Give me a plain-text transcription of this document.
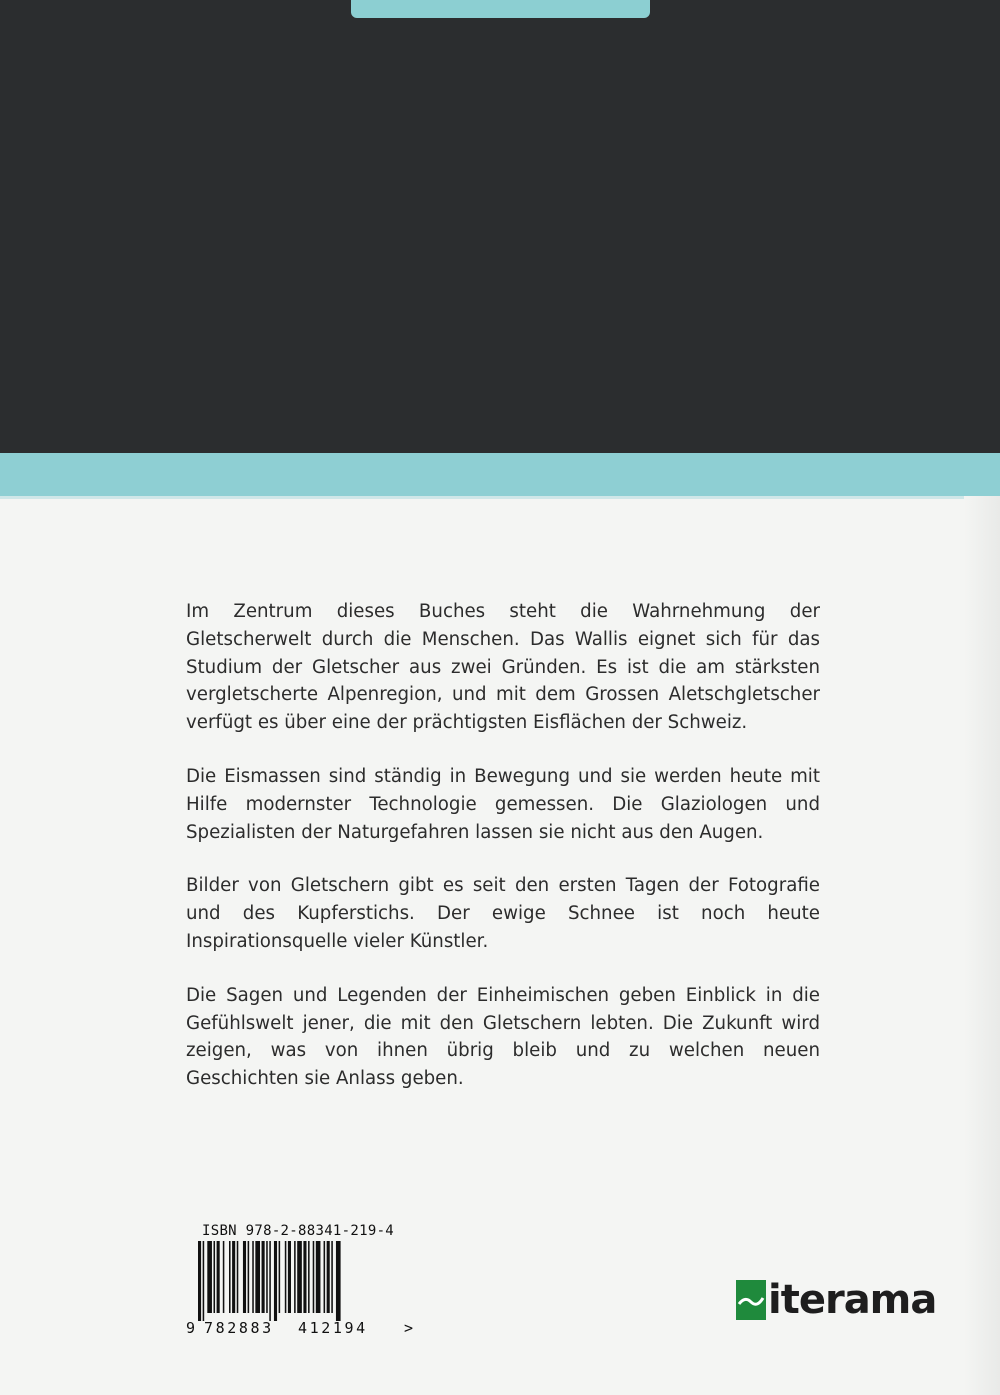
Im Zentrum dieses Buches steht die Wahrnehmung der Gletscherwelt durch die Menschen. Das Wallis eignet sich für das Studium der Gletscher aus zwei Gründen. Es ist die am stärksten vergletscherte Alpenregion, und mit dem Grossen Aletschgletscher verfügt es über eine der prächtigsten Eisflächen der Schweiz.

Die Eismassen sind ständig in Bewegung und sie werden heute mit Hilfe modernster Technologie gemessen. Die Glaziologen und Spezialisten der Naturgefahren lassen sie nicht aus den Augen.

Bilder von Gletschern gibt es seit den ersten Tagen der Fotografie und des Kupferstichs. Der ewige Schnee ist noch heute Inspirationsquelle vieler Künstler.

Die Sagen und Legenden der Einheimischen geben Einblick in die Gefühlswelt jener, die mit den Gletschern lebten. Die Zukunft wird zeigen, was von ihnen übrig bleib und zu welchen neuen Geschichten sie Anlass geben.

ISBN 978-2-88341-219-4
9 782883 412194 >
iterama
